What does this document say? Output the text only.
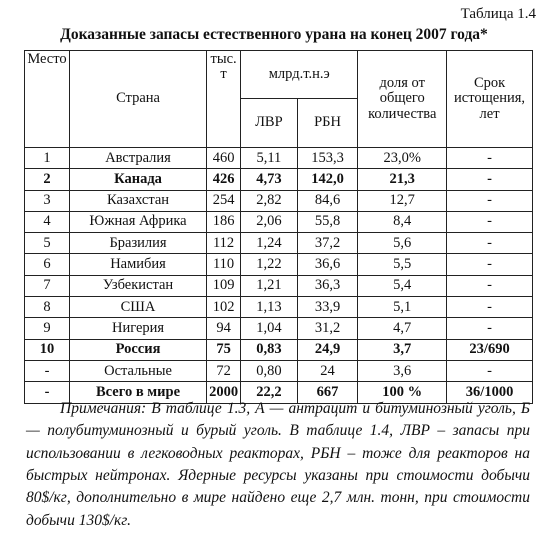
Таблица 1.4
Доказанные запасы естественного урана на конец 2007 года*
Место	Страна	тыс. т	млрд.т.н.э		доля от общего количества	Срок истощения, лет
			ЛВР	РБН		
1	Австралия	460	5,11	153,3	23,0%	-
2	Канада	426	4,73	142,0	21,3	-
3	Казахстан	254	2,82	84,6	12,7	-
4	Южная Африка	186	2,06	55,8	8,4	-
5	Бразилия	112	1,24	37,2	5,6	-
6	Намибия	110	1,22	36,6	5,5	-
7	Узбекистан	109	1,21	36,3	5,4	-
8	США	102	1,13	33,9	5,1	-
9	Нигерия	94	1,04	31,2	4,7	-
10	Россия	75	0,83	24,9	3,7	23/690
-	Остальные	72	0,80	24	3,6	-
-	Всего в мире	2000	22,2	667	100 %	36/1000
Примечания: В таблице 1.3, А — антрацит и битуминозный уголь, Б — полубитуминозный и бурый уголь. В таблице 1.4, ЛВР – запасы при использовании в легководных реакторах, РБН – тоже для реакторов на быстрых нейтронах. Ядерные ресурсы указаны при стоимости добычи 80$/кг, дополнительно в мире найдено еще 2,7 млн. тонн, при стоимости добычи 130$/кг.
